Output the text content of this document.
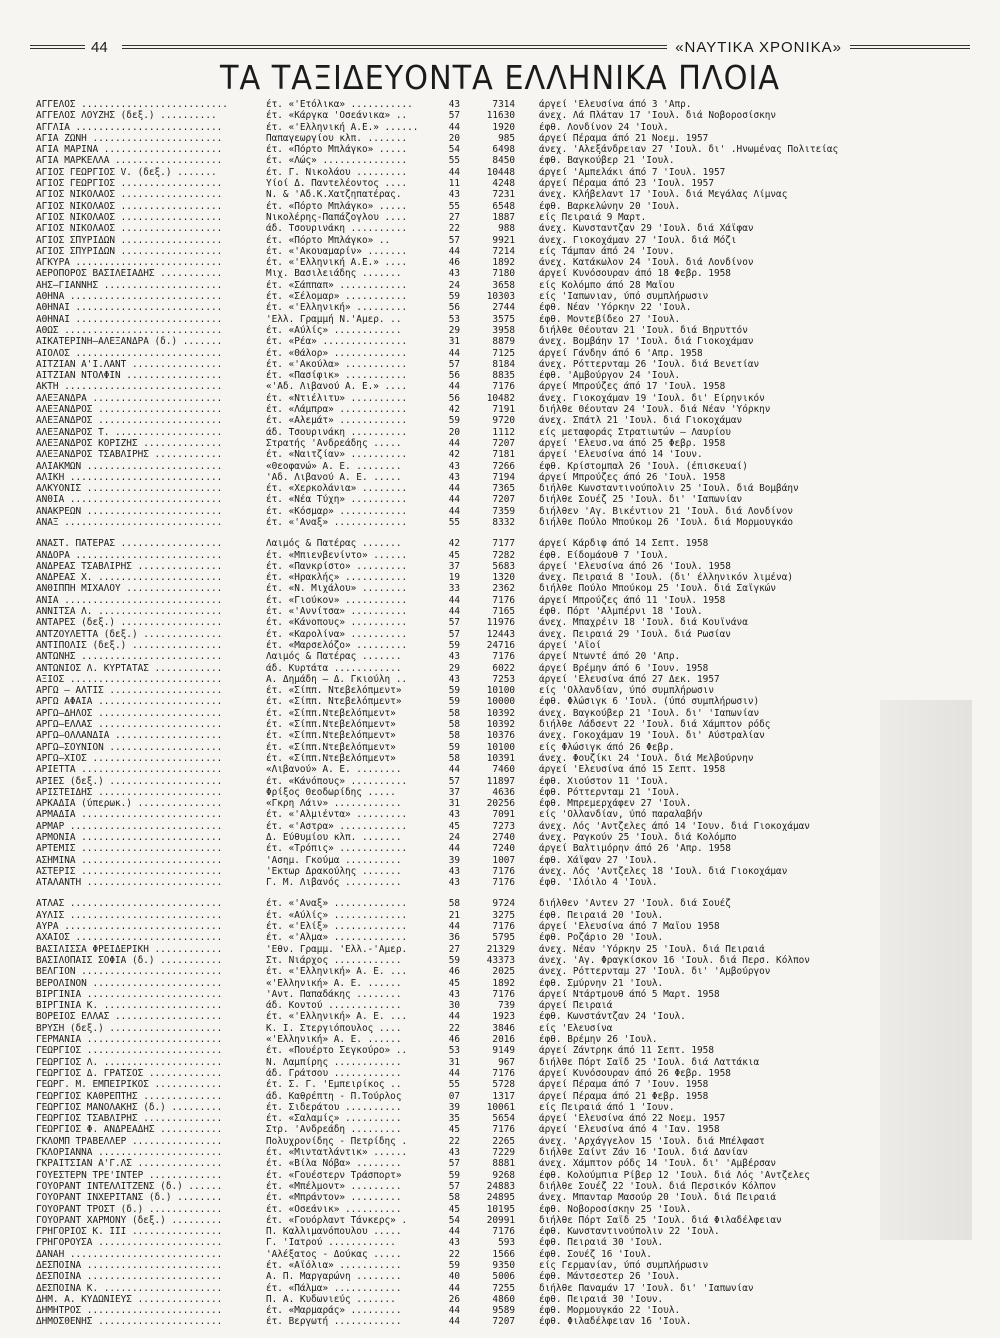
44	«ΝΑΥΤΙΚΑ ΧΡΟΝΙΚΑ»
ΤΑ ΤΑΞΙΔΕΥΟΝΤΑ ΕΛΛΗΝΙΚΑ ΠΛΟΙΑ
ΑΓΓΕΛΟΣ ..........................	έτ. «'Ετόλικα» ...........	43	7314	άργεί 'Ελευσίνα άπό 3 'Απρ.
ΑΓΓΕΛΟΣ ΛΟΥΖΗΣ (δεξ.) ..........	έτ. «Κάργκα 'Οσεάνικα» ..	57	11630	άνεχ. Λά Πλάταν 17 'Ιουλ. διά Νοβοροσίσκην
ΑΓΓΛΙΑ ..........................	έτ. «'Ελληνική Α.Ε.» ......	44	1920	έφθ. Λονδίνον 24 'Ιουλ.
ΑΓΙΑ ΖΩΝΗ .......................	Παπαγεωργίου κλπ. .......	20	985	άργεί Πέραμα άπό 21 Νοεμ. 1957
ΑΓΙΑ ΜΑΡΙΝΑ .....................	έτ. «Πόρτο Μπλάγκο» .....	54	6498	άνεχ. 'Αλεξάνδρειαν 27 'Ιουλ. δι' .Ηνωμένας Πολιτείας
ΑΓΙΑ ΜΑΡΚΕΛΛΑ ...................	έτ. «Λώς» ...............	55	8450	έφθ. Βαγκούβερ 21 'Ιουλ.
ΑΓΙΟΣ ΓΕΩΡΓΙΟΣ V. (δεξ.) .......	έτ. Γ. Νικολάου .........	44	10448	άργεί 'Αμπελάκι άπό 7 'Ιουλ. 1957
ΑΓΙΟΣ ΓΕΩΡΓΙΟΣ ..................	Υίοί Δ. Παντελέοντος ....	11	4248	άργεί Πέραμα άπό 23 'Ιουλ. 1957
ΑΓΙΟΣ ΝΙΚΟΛΑΟΣ ..................	Ν. & 'Αδ.Κ.Χατζηπατέρας.	43	7231	άνεχ. Κλήβελαντ 17 'Ιουλ. διά Μεγάλας Λίμνας
ΑΓΙΟΣ ΝΙΚΟΛΑΟΣ ..................	έτ. «Πόρτο Μπλάγκο» .....	55	6548	έφθ. Βαρκελώνην 20 'Ιουλ.
ΑΓΙΟΣ ΝΙΚΟΛΑΟΣ ..................	Νικολέρης-Παπάζογλου ....	27	1887	είς Πειραιά 9 Μαρτ.
ΑΓΙΟΣ ΝΙΚΟΛΑΟΣ ..................	άδ. Τσουρινάκη ..........	22	988	άνεχ. Κωνσταντζαν 29 'Ιουλ. διά Χάϊφαν
ΑΓΙΟΣ ΣΠΥΡΙΔΩΝ ..................	έτ. «Πόρτο Μπλάγκο» ..	57	9921	άνεχ. Γιοκοχάμαν 27 'Ιουλ. διά Μόζι
ΑΓΙΟΣ ΣΠΥΡΙΔΩΝ ..................	έτ. «'Ακουαμαρίν» .......	44	7214	είς Τάμπαν άπό 24 'Ιουν.
ΑΓΚΥΡΑ ..........................	έτ. «'Ελληνική Α.Ε.» ....	46	1892	άνεχ. Κατάκωλον 24 'Ιουλ. διά Λονδίνον
ΑΕΡΟΠΟΡΟΣ ΒΑΣΙΛΕΙΑΔΗΣ ...........	Μιχ. Βασιλειάδης .......	43	7180	άργεί Κυνόσουραν άπό 18 Φεβρ. 1958
ΑΗΣ—ΓΙΑΝΝΗΣ .....................	έτ. «Σάππαπ» ............	24	3658	είς Κολόμπο άπό 28 Μαΐου
ΑΘΗΝΑ ...........................	έτ. «Σέλομαρ» ...........	59	10303	είς 'Ιαπωνιαν, ύπό συμπλήρωσιν
ΑΘΗΝΑΙ ..........................	έτ. «'Ελληνική» .........	56	2744	έφθ. Νέαν 'Υόρκην 22 'Ιουλ.
ΑΘΗΝΑΙ ..........................	'Ελλ. Γραμμή Ν.'Αμερ. ..	53	3575	έφθ. Μοντεβίδεο 27 'Ιουλ.
ΑΘΩΣ ............................	έτ. «Αύλίς» ............	29	3958	διήλθε Θέουταν 21 'Ιουλ. διά Βηρυττόν
ΑΙΚΑΤΕΡΙΝΗ—ΑΛΕΞΑΝΔΡΑ (δ.) .......	έτ. «Ρέα» ...............	31	8879	άνεχ. Βομβάην 17 'Ιουλ. διά Γιοκοχάμαν
ΑΙΟΛΟΣ ..........................	έτ. «Θάλορ» .............	44	7125	άργεί Γάνδην άπό 6 'Απρ. 1958
ΑΙΤΖΙΑΝ Α'Ι.ΛΑΝΤ ................	έτ. «'Ακούλα» ...........	57	8184	άνεχ. Ρόττερνταμ 26 'Ιουλ. διά Βενετίαν
ΑΙΤΖΙΑΝ ΝΤΟΛΦΙΝ .................	έτ. «Πασίφικ» ...........	56	8835	έφθ. 'Αμβούργον 24 'Ιουλ.
ΑΚΤΗ ............................	«'Αδ. Λιβανού Α. Ε.» ....	44	7176	άργεί Μπρούζες άπό 17 'Ιουλ. 1958
ΑΛΕΞΑΝΔΡΑ .......................	έτ. «Ντιέλιτυ» ..........	56	10482	άνεχ. Γιοκοχάμαν 19 'Ιουλ. δι' Είρηνικόν
ΑΛΕΞΑΝΔΡΟΣ ......................	έτ. «Λάμπρα» ............	42	7191	διήλθε Θέουταν 24 'Ιουλ. διά Νέαν 'Υόρκην
ΑΛΕΞΑΝΔΡΟΣ ......................	έτ. «Αλεμάτ» ............	59	9720	άνεχ. Σπάτλ 21 'Ιουλ. διά Γιοκοχάμαν
ΑΛΕΞΑΝΔΡΟΣ Τ. ...................	άδ. Τσουρινάκη ..........	20	1112	είς μεταφοράς Στρατιωτών — Λαυρίου
ΑΛΕΞΑΝΔΡΟΣ ΚΟΡΙΖΗΣ ..............	Στρατής 'Ανδρεάδης .....	44	7207	άργεί 'Ελευσ.να άπό 25 Φεβρ. 1958
ΑΛΕΞΑΝΔΡΟΣ ΤΣΑΒΛΙΡΗΣ ............	έτ. «Ναιτζίαν» ..........	42	7181	άργεί 'Ελευσίνα άπό 14 'Ιουν.
ΑΛΙΑΚΜΩΝ ........................	«Θεοφανώ» Α. Ε. ........	43	7266	έφθ. Κρίστομπαλ 26 'Ιουλ. (έπισκευαί)
ΑΛΙΚΗ ...........................	'Αδ. Λιβανού Α. Ε. .....	43	7194	άργεί Μπρούζες άπό 26 'Ιουλ. 1958
ΑΛΚΥΟΝΙΣ ........................	έτ. «Χερκολάνια» ........	44	7365	διήλθε Κωνσταντινούπολιν 25 'Ιουλ. διά Βομβάην
ΑΝΘΙΑ ...........................	έτ. «Νέα Τύχη» ..........	44	7207	διήλθε Σουέζ 25 'Ιουλ. δι' 'Ιαπωνίαν
ΑΝΑΚΡΕΩΝ ........................	έτ. «Κόσμαρ» ............	44	7359	διήλθεν 'Αγ. Βικέντιον 21 'Ιουλ. διά Λονδίνον
ΑΝΑΞ ............................	έτ. «'Αναξ» .............	55	8332	διήλθε Πούλο Μπούκομ 26 'Ιουλ. διά Μορμουγκάο
ΑΝΑΣΤ. ΠΑΤΕΡΑΣ ..................	Λαιμός & Πατέρας .......	42	7177	άργεί Κάρδιφ άπό 14 Σεπτ. 1958
ΑΝΔΟΡΑ ..........................	έτ. «Μπιενβενίντο» ......	45	7282	έφθ. Είδομάουθ 7 'Ιουλ.
ΑΝΔΡΕΑΣ ΤΣΑΒΛΙΡΗΣ ...............	έτ. «Πανκρίστο» .........	37	5683	άργεί 'Ελευσίνα άπό 26 'Ιουλ. 1958
ΑΝΔΡΕΑΣ Χ. ......................	έτ. «Ηρακλής» ...........	19	1320	άνεχ. Πειραιά 8 'Ιουλ. (δι' έλληνικόν λιμένα)
ΑΝΘΙΠΠΗ ΜΙΧΑΛΟΥ .................	έτ. «Ν. Μιχάλου» ........	33	2362	διήλθε Πούλο Μπούκομ 25 'Ιουλ. διά Σαϊγκών
ΑΝΙΑ ............................	έτ. «Γιούκον» ...........	44	7176	άργεί Μπρούζες άπό 11 'Ιουλ. 1958
ΑΝΝΙΤΣΑ Λ. ......................	έτ. «'Αννίτσα» ..........	44	7165	έφθ. Πόρτ 'Αλμπέρνι 18 'Ιουλ.
ΑΝΤΑΡΕΣ (δεξ.) ..................	έτ. «Κάνοπους» ..........	57	11976	άνεχ. Μπαχρέιν 18 'Ιουλ. διά Κουϊνάνα
ΑΝΤΖΟΥΛΕΤΤΑ (δεξ.) ..............	έτ. «Καρολίνα» ..........	57	12443	άνεχ. Πειραιά 29 'Ιουλ. διά Ρωσίαν
ΑΝΤΙΠΟΛΙΣ (δεξ.) ................	έτ. «Μαρσελόζο» .........	59	24716	άργεί 'Αϊοί
ΑΝΤΩΝΗΣ .........................	Λαιμός & Πατέρας .......	43	7176	άργεί Ντωντέ άπό 20 'Απρ.
ΑΝΤΩΝΙΟΣ Λ. ΚΥΡΤΑΤΑΣ ............	άδ. Κυρτάτα ............	29	6022	άργεί Βρέμην άπό 6 'Ιουν. 1958
ΑΞΙΟΣ ...........................	Α. Δημάδη — Δ. Γκιούλη ..	43	7253	άργεί 'Ελευσίνα άπό 27 Δεκ. 1957
ΑΡΓΩ — ΑΛΤΙΣ ....................	έτ. «Σίππ. Ντεβελόπμεντ»	59	10100	είς 'Ολλανδίαν, ύπό συμπλήρωσιν
ΑΡΓΩ ΑΦΑΙΑ ......................	έτ. «Σίππ. Ντεβελόπμεντ»	59	10000	έφθ. Φλώσιγκ 6 'Ιουλ. (ύπό συμπλήρωσιν)
ΑΡΓΩ—ΔΗΛΟΣ ......................	έτ. «Σίππ.Ντεβελόπμεντ»	58	10392	άνεχ. Βαγκούβερ 21 'Ιουλ. δι' 'Ιαπωνίαν
ΑΡΓΩ—ΕΛΛΑΣ ......................	έτ. «Σίππ.Ντεβελόπμεντ»	58	10392	διήλθε Λάδσεντ 22 'Ιουλ. διά Χάμπτον ρόδς
ΑΡΓΩ—ΟΛΛΑΝΔΙΑ ...................	έτ. «Σίππ.Ντεβελόπμεντ»	58	10376	άνεχ. Γοκοχάμαν 19 'Ιουλ. δι' Αύστραλίαν
ΑΡΓΩ—ΣΟΥΝΙΟΝ ....................	έτ. «Σίππ.Ντεβελόπμεντ»	59	10100	είς Φλώσιγκ άπό 26 Φεβρ.
ΑΡΓΩ—ΧΙΟΣ .......................	έτ. «Σίππ.Ντεβελόπμεντ»	58	10391	άνεχ. Φουζίκι 24 'Ιουλ. διά Μελβούρνην
ΑΡΙΕΤΤΑ .........................	«Λιβανού» Α. Ε. ........	44	7460	άργεί 'Ελευσίνα άπό 15 Σεπτ. 1958
ΑΡΙΕΣ (δεξ.) ....................	έτ. «Κάνόπους» ..........	57	11897	έφθ. Χιούστον 11 'Ιουλ.
ΑΡΙΣΤΕΙΔΗΣ ......................	Φρίξος Θεοδωρίδης .....	37	4636	έφθ. Ρόττερνταμ 21 'Ιουλ.
ΑΡΚΑΔΙΑ (ύπερωκ.) ...............	«Γκρη Λάιν» ............	31	20256	έφθ. Μπρεμερχάφεν 27 'Ιουλ.
ΑΡΜΑΔΙΑ .........................	έτ. «'Αλμιέντα» .........	43	7091	είς 'Ολλανδίαν, ύπό παραλαβήν
ΑΡΜΑΡ ...........................	έτ. «'Αστρα» ............	45	7273	άνεχ. Λός 'Αντζελες άπό 14 'Ιουν. διά Γιοκοχάμαν
ΑΡΜΟΝΙΑ .........................	Δ. Εύθυμίου κλπ. .......	24	2740	άνεχ. Ραγκούν 25 'Ιουλ. διά Κολόμπο
ΑΡΤΕΜΙΣ .........................	έτ. «Τρόπις» ............	44	7240	άργεί Βαλτιμόρην άπό 26 'Απρ. 1958
ΑΣΗΜΙΝΑ .........................	'Ασημ. Γκούμα ..........	39	1007	έφθ. Χάϊφαν 27 'Ιουλ.
ΑΣΤΕΡΙΣ .........................	'Εκτωρ Δρακούλης .......	43	7176	άνεχ. Λός 'Αντζελες 18 'Ιουλ. διά Γιοκοχάμαν
ΑΤΑΛΑΝΤΗ ........................	Γ. Μ. Λιβανός ..........	43	7176	έφθ. 'Ιλόιλο 4 'Ιουλ.
ΑΤΛΑΣ ...........................	έτ. «'Αναξ» .............	58	9724	διήλθεν 'Αντεν 27 'Ιουλ. διά Σουέζ
ΑΥΛΙΣ ...........................	έτ. «Αύλίς» .............	21	3275	έφθ. Πειραιά 20 'Ιουλ.
ΑΥΡΑ ............................	έτ. «'Ελίξ» .............	44	7176	άργεί 'Ελευσίνα άπό 7 Μαΐου 1958
ΑΧΑΙΟΣ ..........................	έτ. «'Αλμα» .............	36	5795	έφθ. Ροζάριο 20 'Ιουλ.
ΒΑΣΙΛΙΣΣΑ ΦΡΕΙΔΕΡΙΚΗ ............	'Εθν. Γραμμ. 'Ελλ.-'Αμερ.	27	21329	άνεχ. Νέαν 'Υόρκην 25 'Ιουλ. διά Πειραιά
ΒΑΣΙΛΟΠΑΙΣ ΣΟΦΙΑ (δ.) ...........	Στ. Νιάρχος ............	59	43373	άνεχ. 'Αγ. Φραγκίσκον 16 'Ιουλ. διά Περσ. Κόλπον
ΒΕΛΓΙΟΝ .........................	έτ. «'Ελληνική» Α. Ε. ...	46	2025	άνεχ. Ρόττερνταμ 27 'Ιουλ. δι' 'Αμβούργον
ΒΕΡΟΛΙΝΟΝ .......................	«'Ελληνική» Α. Ε. ......	45	1892	έφθ. Σμύρνην 21 'Ιουλ.
ΒΙΡΓΙΝΙΑ ........................	'Αντ. Παπαδάκης ........	43	7176	άργεί Ντάρτμουθ άπό 5 Μαρτ. 1958
ΒΙΡΓΙΝΙΑ Κ. .....................	άδ. Κοντού .............	30	739	άργεί Πειραιά
ΒΟΡΕΙΟΣ ΕΛΛΑΣ ...................	έτ. «'Ελληνική» Α. Ε. ...	44	1923	έφθ. Κωνστάντζαν 24 'Ιουλ.
ΒΡΥΣΗ (δεξ.) ....................	Κ. Ι. Στεργιόπουλος ....	22	3846	είς 'Ελευσίνα
ΓΕΡΜΑΝΙΑ ........................	«'Ελληνική» Α. Ε. ......	46	2016	έφθ. Βρέμην 26 'Ιουλ.
ΓΕΩΡΓΙΟΣ ........................	έτ. «Πουέρτο Σεγκούρο» ..	53	9149	άργεί Ζάντρηκ άπό 11 Σεπτ. 1958
ΓΕΩΡΓΙΟΣ Λ. .....................	Ν. Λαμπίρης ............	31	967	διήλθε Πόρτ Σαϊδ 25 'Ιουλ. διά Λαττάκια
ΓΕΩΡΓΙΟΣ Δ. ΓΡΑΤΣΟΣ .............	άδ. Γράτσου ............	44	7176	άργεί Κυνόσουραν άπό 26 Φεβρ. 1958
ΓΕΩΡΓ. Μ. ΕΜΠΕΙΡΙΚΟΣ ............	έτ. Σ. Γ. 'Εμπειρίκος ..	55	5728	άργεί Πέραμα άπό 7 'Ιουν. 1958
ΓΕΩΡΓΙΟΣ ΚΑΘΡΕΠΤΗΣ ..............	άδ. Καθρέπτη - Π.Τούρλος	07	1317	άργεί Πέραμα άπό 21 Φεβρ. 1958
ΓΕΩΡΓΙΟΣ ΜΑΝΟΛΑΚΗΣ (δ.) .........	έτ. Σιδεράτου ..........	39	10061	είς Πειραιά άπό 1 'Ιουν.
ΓΕΩΡΓΙΟΣ ΤΣΑΒΛΙΡΗΣ ..............	έτ. «Σαλαμίς» ..........	35	5654	άργεί 'Ελευσίνα άπό 22 Νοεμ. 1957
ΓΕΩΡΓΙΟΣ Φ. ΑΝΔΡΕΑΔΗΣ ...........	Στρ. 'Ανδρεάδη .........	45	7176	άργεί 'Ελευσίνα άπό 4 'Ιαν. 1958
ΓΚΛΟΜΠ ΤΡΑΒΕΛΛΕΡ ................	Πολυχρονίδης - Πετρίδης .	22	2265	άνεχ. 'Αρχάγγελον 15 'Ιουλ. διά Μπέλφαστ
ΓΚΛΟΡΙΑΝΝΑ ......................	έτ. «Μιντατλάντικ» ......	43	7229	διήλθε Σαίντ Ζάν 16 'Ιουλ. διά Δανίαν
ΓΚΡΑΙΤΣΙΑΝ Α'Γ.ΛΣ ...............	έτ. «Βίλα Νόβα» ........	57	8881	άνεχ. Χάμπτον ρόδς 14 'Ιουλ. δι' 'Αμβέρσαν
ΓΟΥΕΣΤΕΡΝ ΤΡΕ'ΙΝΤΕΡ .............	έτ. «Γουέστερν Τράσπορτ»	59	9268	έφθ. Κολούμπια Ρίβερ 12 'Ιουλ. διά Λός 'Αντζελες
ΓΟΥΟΡΑΝΤ ΙΝΤΕΛΛΙΤΖΕΝΣ (δ.) ......	έτ. «Μπέλμοντ» .........	57	24883	διήλθε Σουέζ 22 'Ιουλ. διά Περσικόν Κόλπον
ΓΟΥΟΡΑΝΤ ΙΝΧΕΡΙΤΑΝΣ (δ.) ........	έτ. «Μπράντον» .........	58	24895	άνεχ. Μπανταρ Μασούρ 20 'Ιουλ. διά Πειραιά
ΓΟΥΟΡΑΝΤ ΤΡΟΣΤ (δ.) .............	έτ. «Οσεάνικ» ..........	45	10195	έφθ. Νοβοροσίσκην 25 'Ιουλ.
ΓΟΥΟΡΑΝΤ ΧΑΡΜΟΝΥ (δεξ.) .........	έτ. «Γουόρλαντ Τάνκερς» .	54	20991	διήλθε Πόρτ Σαϊδ 25 'Ιουλ. διά Φιλαδέλφειαν
ΓΡΗΓΟΡΙΟΣ Κ. ΙΙΙ ................	Π. Καλλιμανόπουλου .....	44	7176	έφθ. Κωνσταντινούπολιν 22 'Ιουλ.
ΓΡΗΓΟΡΟΥΣΑ ......................	Γ. 'Ιατρού ............	43	593	έφθ. Πειραιά 30 'Ιουλ.
ΔΑΝΑΗ ...........................	'Αλέξατος - Δούκας .....	22	1566	έφθ. Σουέζ 16 'Ιουλ.
ΔΕΣΠΟΙΝΑ ........................	έτ. «Αϊόλια» ...........	59	9350	είς Γερμανίαν, ύπό συμπλήρωσιν
ΔΕΣΠΟΙΝΑ ........................	Α. Π. Μαργαρώνη ........	40	5006	έφθ. Μάντσεστερ 26 'Ιουλ.
ΔΕΣΠΟΙΝΑ Κ. .....................	έτ. «Πάλμα» ............	44	7255	διήλθε Παναμάν 17 'Ιουλ. δι' 'Ιαπωνίαν
ΔΗΜ. Α. ΚΥΔΩΝΙΕΥΣ ...............	Π. Α. Κυδωνιεύς .......	26	4860	έφθ. Πειραιά 30 'Ιουν.
ΔΗΜΗΤΡΟΣ ........................	έτ. «Μαρμαράς» .........	44	9589	έφθ. Μορμουγκάο 22 'Ιουλ.
ΔΗΜΟΣΘΕΝΗΣ ......................	έτ. Βεργωτή ............	44	7207	έφθ. Φιλαδέλφειαν 16 'Ιουλ.
